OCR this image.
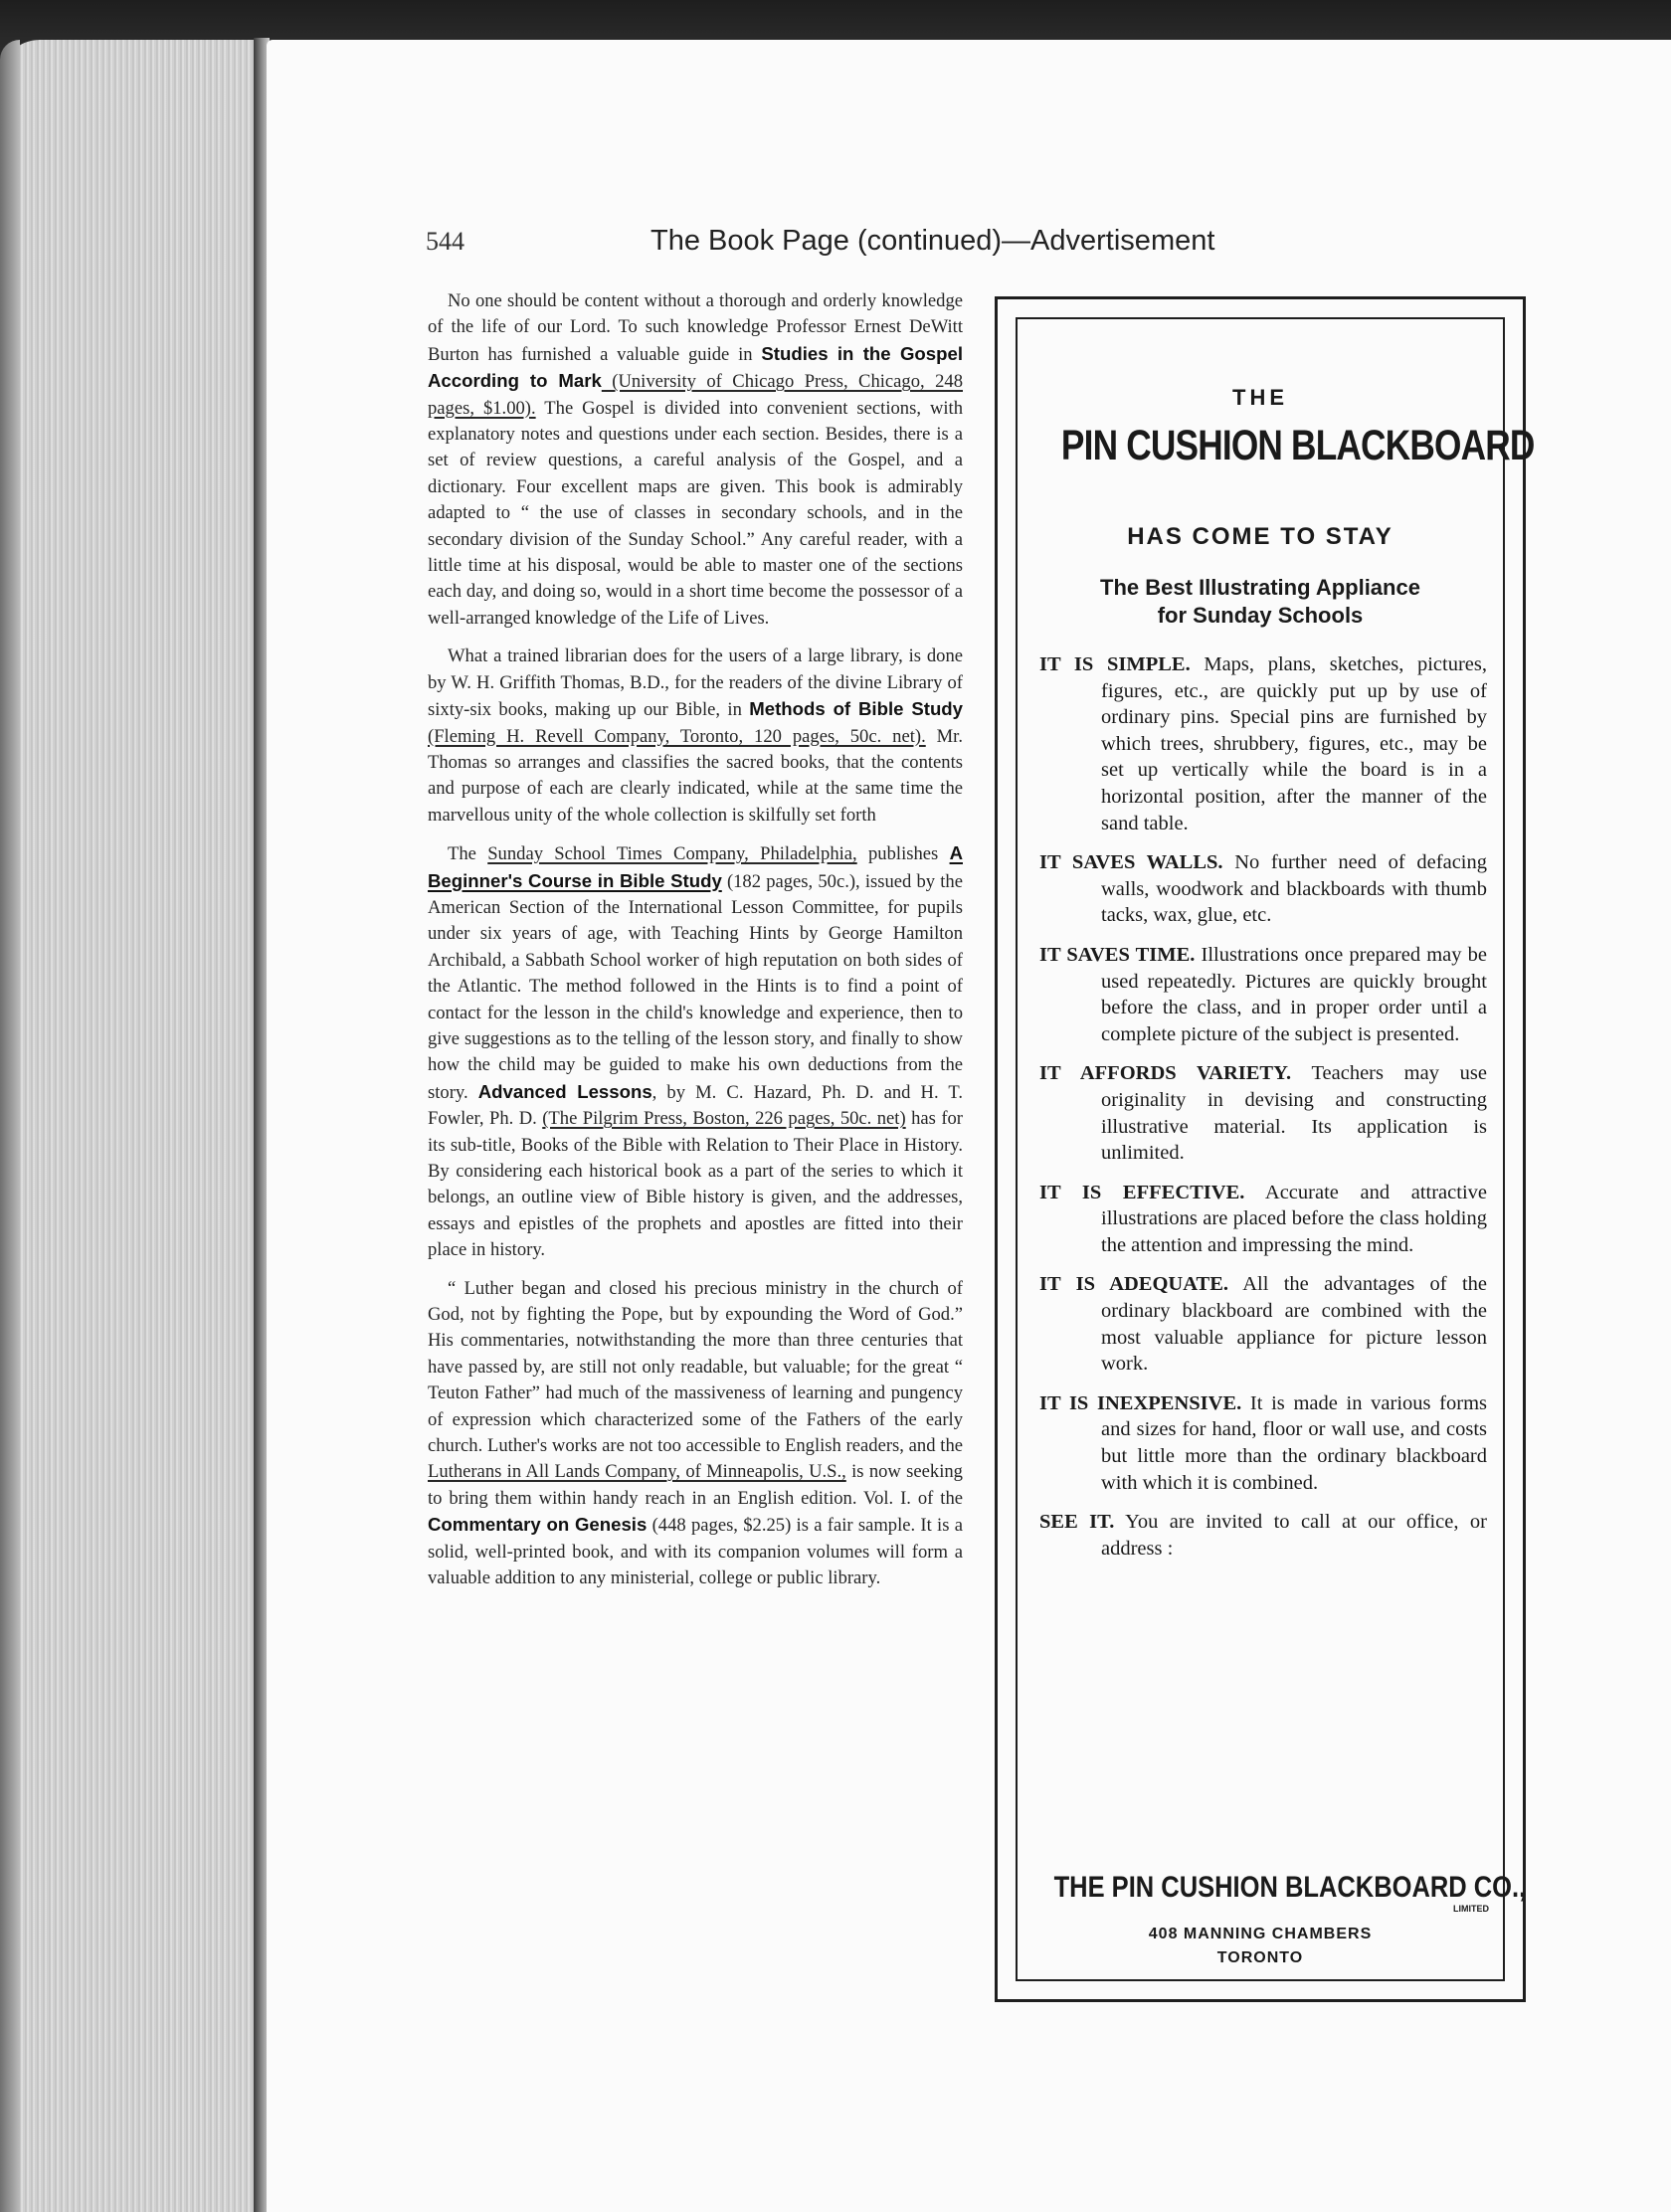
544	The Book Page (continued)—Advertisement

No one should be content without a thorough and orderly knowledge of the life of our Lord. To such knowledge Professor Ernest DeWitt Burton has furnished a valuable guide in Studies in the Gospel According to Mark (University of Chicago Press, Chicago, 248 pages, $1.00). The Gospel is divided into convenient sections, with explanatory notes and questions under each section. Besides, there is a set of review questions, a careful analysis of the Gospel, and a dictionary. Four excellent maps are given. This book is admirably adapted to “ the use of classes in secondary schools, and in the secondary division of the Sunday School.” Any careful reader, with a little time at his disposal, would be able to master one of the sections each day, and doing so, would in a short time become the possessor of a well-arranged knowledge of the Life of Lives.

What a trained librarian does for the users of a large library, is done by W. H. Griffith Thomas, B.D., for the readers of the divine Library of sixty-six books, making up our Bible, in Methods of Bible Study (Fleming H. Revell Company, Toronto, 120 pages, 50c. net). Mr. Thomas so arranges and classifies the sacred books, that the contents and purpose of each are clearly indicated, while at the same time the marvellous unity of the whole collection is skilfully set forth

The Sunday School Times Company, Philadelphia, publishes A Beginner's Course in Bible Study (182 pages, 50c.), issued by the American Section of the International Lesson Committee, for pupils under six years of age, with Teaching Hints by George Hamilton Archibald, a Sabbath School worker of high reputation on both sides of the Atlantic. The method followed in the Hints is to find a point of contact for the lesson in the child's knowledge and experience, then to give suggestions as to the telling of the lesson story, and finally to show how the child may be guided to make his own deductions from the story. Advanced Lessons, by M. C. Hazard, Ph. D. and H. T. Fowler, Ph. D. (The Pilgrim Press, Boston, 226 pages, 50c. net) has for its sub-title, Books of the Bible with Relation to Their Place in History. By considering each historical book as a part of the series to which it belongs, an outline view of Bible history is given, and the addresses, essays and epistles of the prophets and apostles are fitted into their place in history.

“ Luther began and closed his precious ministry in the church of God, not by fighting the Pope, but by expounding the Word of God.” His commentaries, notwithstanding the more than three centuries that have passed by, are still not only readable, but valuable; for the great “ Teuton Father” had much of the massiveness of learning and pungency of expression which characterized some of the Fathers of the early church. Luther's works are not too accessible to English readers, and the Lutherans in All Lands Company, of Minneapolis, U.S., is now seeking to bring them within handy reach in an English edition. Vol. I. of the Commentary on Genesis (448 pages, $2.25) is a fair sample. It is a solid, well-printed book, and with its companion volumes will form a valuable addition to any ministerial, college or public library.

THE
PIN CUSHION BLACKBOARD
HAS COME TO STAY
The Best Illustrating Appliance
for Sunday Schools
IT IS SIMPLE. Maps, plans, sketches, pictures, figures, etc., are quickly put up by use of ordinary pins. Special pins are furnished by which trees, shrubbery, figures, etc., may be set up vertically while the board is in a horizontal position, after the manner of the sand table.
IT SAVES WALLS. No further need of defacing walls, woodwork and blackboards with thumb tacks, wax, glue, etc.
IT SAVES TIME. Illustrations once prepared may be used repeatedly. Pictures are quickly brought before the class, and in proper order until a complete picture of the subject is presented.
IT AFFORDS VARIETY. Teachers may use originality in devising and constructing illustrative material. Its application is unlimited.
IT IS EFFECTIVE. Accurate and attractive illustrations are placed before the class holding the attention and impressing the mind.
IT IS ADEQUATE. All the advantages of the ordinary blackboard are combined with the most valuable appliance for picture lesson work.
IT IS INEXPENSIVE. It is made in various forms and sizes for hand, floor or wall use, and costs but little more than the ordinary blackboard with which it is combined.
SEE IT. You are invited to call at our office, or address :
THE PIN CUSHION BLACKBOARD CO.,
LIMITED
408 MANNING CHAMBERS
TORONTO
